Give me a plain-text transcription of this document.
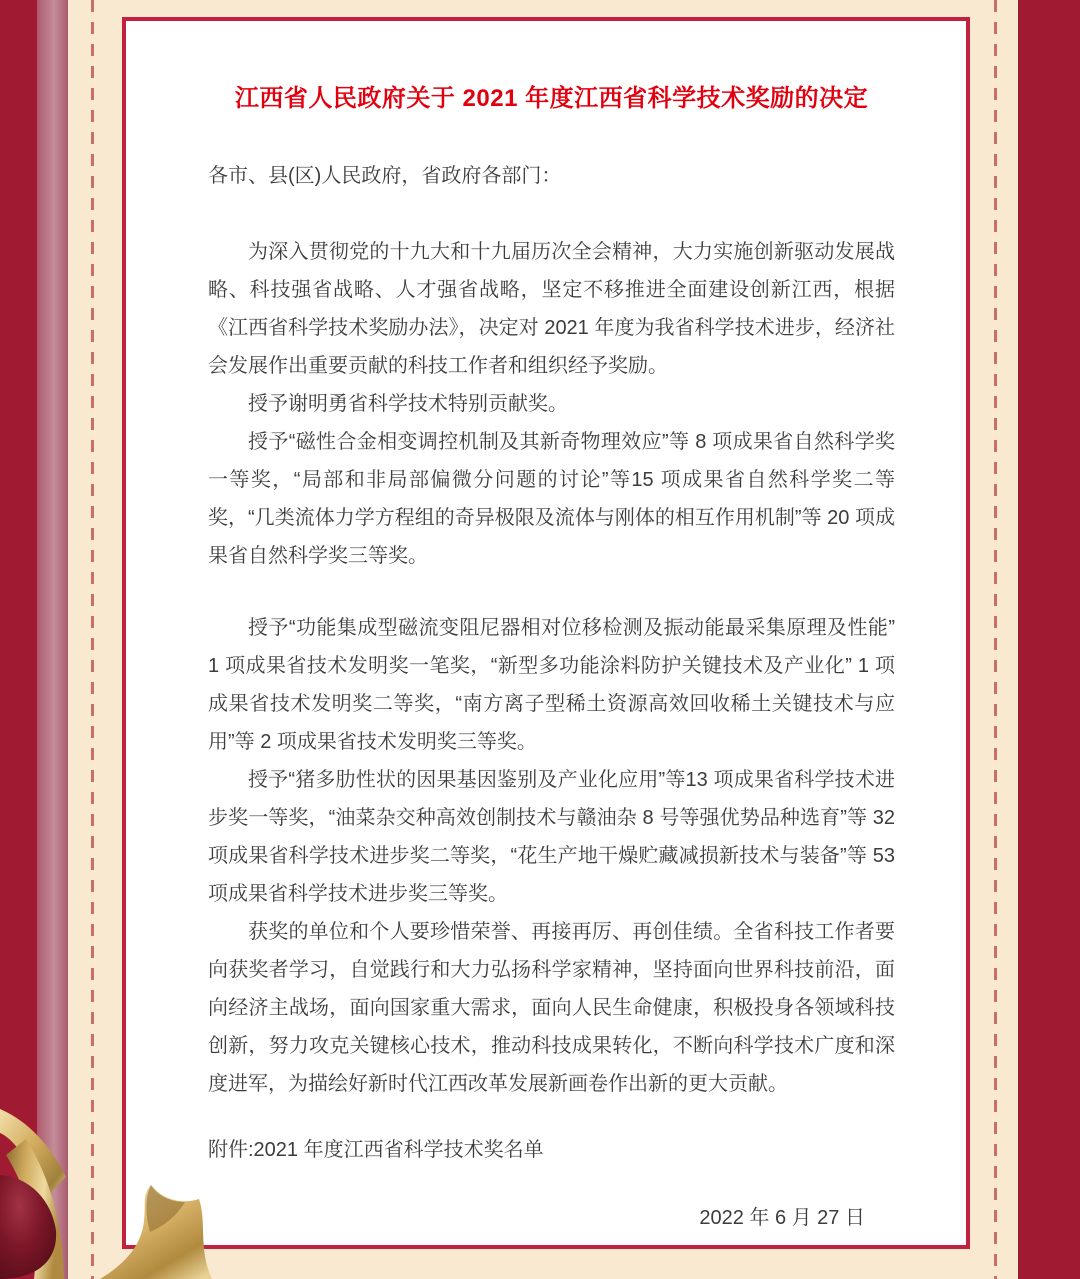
江西省人民政府关于 2021 年度江西省科学技术奖励的决定
各市、县(区)人民政府，省政府各部门：

为深入贯彻党的十九大和十九届历次全会精神，大力实施创新驱动发展战略、科技强省战略、人才强省战略，坚定不移推进全面建设创新江西，根据《江西省科学技术奖励办法》，决定对 2021 年度为我省科学技术进步，经济社会发展作出重要贡献的科技工作者和组织经予奖励。

授予谢明勇省科学技术特别贡献奖。

授予“磁性合金相变调控机制及其新奇物理效应”等 8 项成果省自然科学奖一等奖，“局部和非局部偏微分问题的讨论”等15 项成果省自然科学奖二等奖，“几类流体力学方程组的奇异极限及流体与刚体的相互作用机制”等 20 项成果省自然科学奖三等奖。

授予“功能集成型磁流变阻尼器相对位移检测及振动能最采集原理及性能” 1 项成果省技术发明奖一笔奖，“新型多功能涂料防护关键技术及产业化” 1 项成果省技术发明奖二等奖，“南方离子型稀土资源高效回收稀土关键技术与应用”等 2 项成果省技术发明奖三等奖。

授予“猪多肋性状的因果基因鉴别及产业化应用”等13 项成果省科学技术进步奖一等奖，“油菜杂交种高效创制技术与赣油杂 8 号等强优势品种选育”等 32 项成果省科学技术进步奖二等奖，“花生产地干燥贮藏减损新技术与装备”等 53 项成果省科学技术进步奖三等奖。

获奖的单位和个人要珍惜荣誉、再接再厉、再创佳绩。全省科技工作者要向获奖者学习，自觉践行和大力弘扬科学家精神，坚持面向世界科技前沿，面向经济主战场，面向国家重大需求，面向人民生命健康，积极投身各领域科技创新，努力攻克关键核心技术，推动科技成果转化，不断向科学技术广度和深度进军，为描绘好新时代江西改革发展新画卷作出新的更大贡献。

附件:2021 年度江西省科学技术奖名单
2022 年 6 月 27 日
